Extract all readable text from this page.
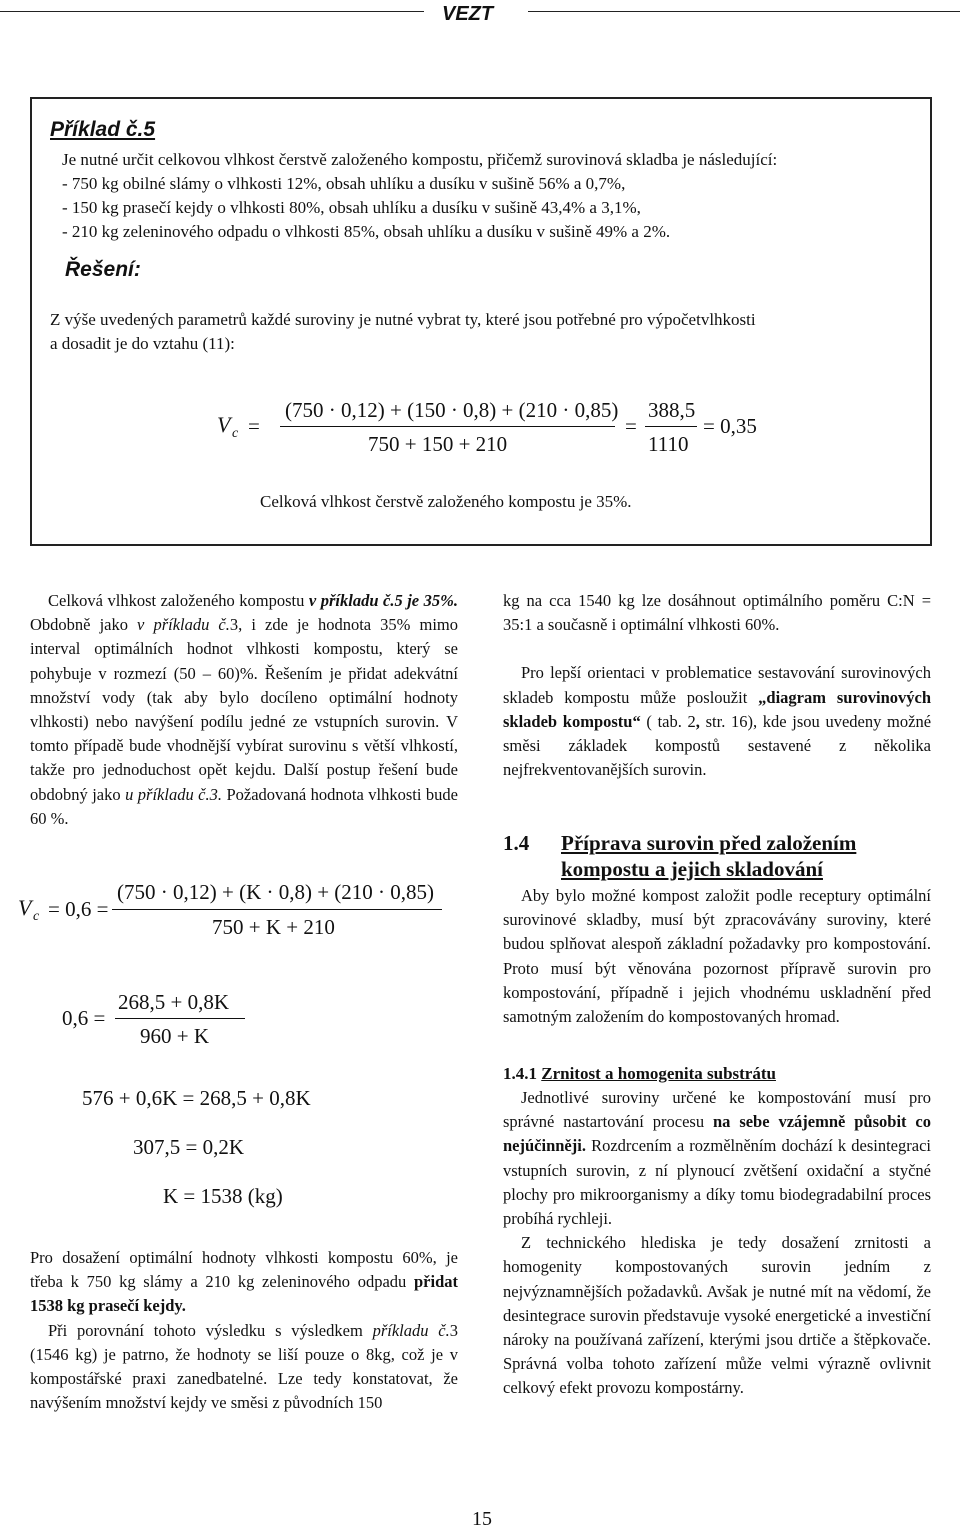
VEZT
Příklad č.5
Je nutné určit celkovou vlhkost čerstvě založeného kompostu, přičemž surovinová skladba je následující:
- 750 kg obilné slámy o vlhkosti 12%, obsah uhlíku a dusíku v sušině 56% a 0,7%,
- 150 kg prasečí kejdy o vlhkosti 80%, obsah uhlíku a dusíku v sušině 43,4% a 3,1%,
- 210 kg zeleninového odpadu o vlhkosti 85%, obsah uhlíku a dusíku v sušině 49% a 2%.
Řešení:
Z výše uvedených parametrů každé suroviny je nutné vybrat ty, které jsou potřebné pro výpočetvlhkosti
a dosadit je do vztahu (11):
V c =
(750 · 0,12) + (150 · 0,8) + (210 · 0,85)
750 + 150 + 210
=
388,5
1110
= 0,35
Celková vlhkost čerstvě založeného kompostu je 35%.

Celková vlhkost založeného kompostu v příkladu č.5 je 35%. Obdobně jako v příkladu č.3, i zde je hodnota 35% mimo interval optimálních hodnot vlhkosti kompostu, který se pohybuje v rozmezí (50 – 60)%. Řešením je přidat adekvátní množství vody (tak aby bylo docíleno optimální hodnoty vlhkosti) nebo navýšení podílu jedné ze vstupních surovin. V tomto případě bude vhodnější vybírat surovinu s větší vlhkostí, takže pro jednoduchost opět kejdu. Další postup řešení bude obdobný jako u příkladu č.3. Požadovaná hodnota vlhkosti bude 60 %.

V c = 0,6 =
(750 · 0,12) + (K · 0,8) + (210 · 0,85)
750 + K + 210
0,6 =
268,5 + 0,8K
960 + K
576 + 0,6K = 268,5 + 0,8K
307,5 = 0,2K
K = 1538 (kg)

Pro dosažení optimální hodnoty vlhkosti kompostu 60%, je třeba k 750 kg slámy a 210 kg zeleninového odpadu přidat 1538 kg prasečí kejdy.

Při porovnání tohoto výsledku s výsledkem příkladu č.3 (1546 kg) je patrno, že hodnoty se liší pouze o 8kg, což je v kompostářské praxi zanedbatelné. Lze tedy konstatovat, že navýšením množství kejdy ve směsi z původních 150

kg na cca 1540 kg lze dosáhnout optimálního poměru C:N = 35:1 a současně i optimální vlhkosti 60%.

Pro lepší orientaci v problematice sestavování surovinových skladeb kompostu může posloužit „diagram surovinových skladeb kompostu“ ( tab. 2, str. 16), kde jsou uvedeny možné směsi základek kompostů sestavené z několika nejfrekventovanějších surovin.

1.4 Příprava surovin před založením kompostu a jejich skladování

Aby bylo možné kompost založit podle receptury optimální surovinové skladby, musí být zpracovávány suroviny, které budou splňovat alespoň základní požadavky pro kompostování. Proto musí být věnována pozornost přípravě surovin pro kompostování, případně i jejich vhodnému uskladnění před samotným založením do kompostovaných hromad.

1.4.1 Zrnitost a homogenita substrátu

Jednotlivé suroviny určené ke kompostování musí pro správné nastartování procesu na sebe vzájemně působit co nejúčinněji. Rozdrcením a rozmělněním dochází k desintegraci vstupních surovin, z ní plynoucí zvětšení oxidační a styčné plochy pro mikroorganismy a díky tomu biodegradabilní proces probíhá rychleji.

Z technického hlediska je tedy dosažení zrnitosti a homogenity kompostovaných surovin jedním z nejvýznamnějších požadavků. Avšak je nutné mít na vědomí, že desintegrace surovin představuje vysoké energetické a investiční nároky na používaná zařízení, kterými jsou drtiče a štěpkovače. Správná volba tohoto zařízení může velmi výrazně ovlivnit celkový efekt provozu kompostárny.

15
